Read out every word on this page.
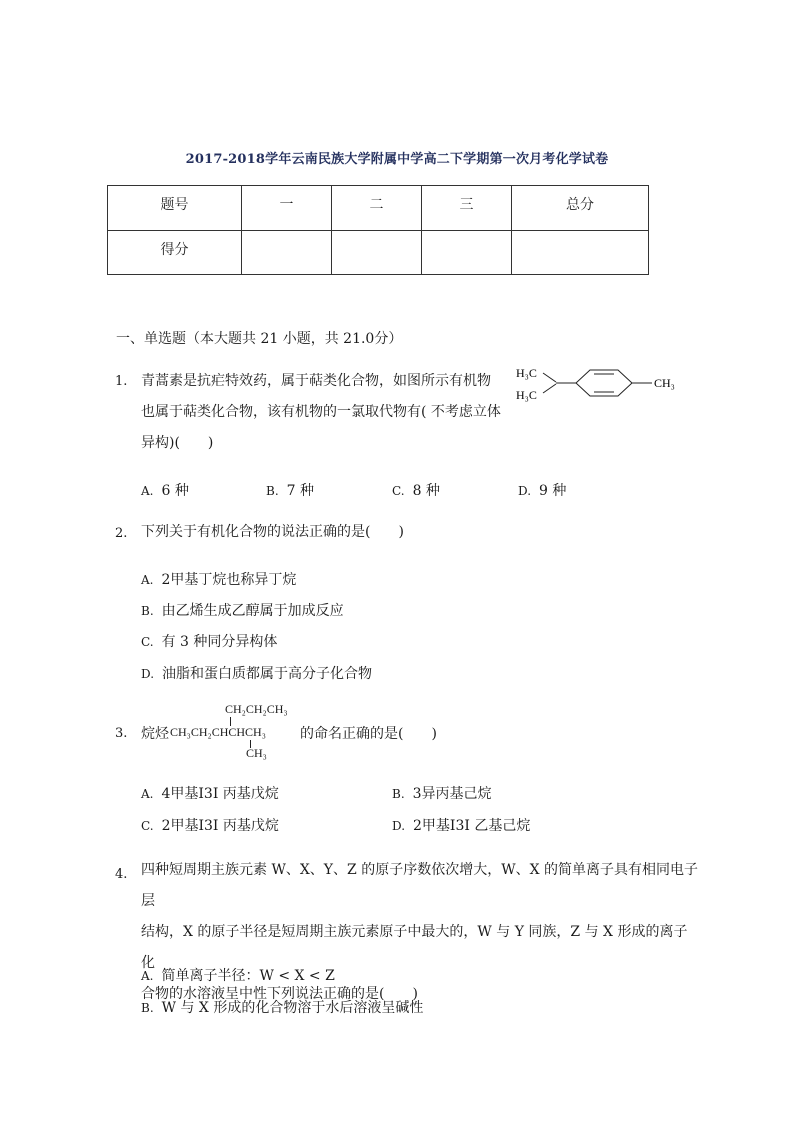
2017-2018学年云南民族大学附属中学高二下学期第一次月考化学试卷
题号	一	二	三	总分
得分				
一、单选题（本大题共 21 小题，共 21.0分）
1. 青蒿素是抗疟特效药，属于萜类化合物，如图所示有机物
也属于萜类化合物，该有机物的一氯取代物有( 不考虑立体
异构)(　　)
H₃C
H₃C
CH₃
A. 6 种	B. 7 种	C. 8 种	D. 9 种
2. 下列关于有机化合物的说法正确的是(　　)
A. 2甲基丁烷也称异丁烷
B. 由乙烯生成乙醇属于加成反应
C. 有 3 种同分异构体
D. 油脂和蛋白质都属于高分子化合物
3. 烷烃
CH₂CH₂CH₃
CH₃CH₂CHCHCH₃
CH₃
的命名正确的是(　　)
A. 4甲基I3I 丙基戊烷	B. 3异丙基己烷
C. 2甲基I3I 丙基戊烷	D. 2甲基I3I 乙基己烷
4. 四种短周期主族元素 W、X、Y、Z 的原子序数依次增大，W、X 的简单离子具有相同电子层
结构，X 的原子半径是短周期主族元素原子中最大的，W 与 Y 同族，Z 与 X 形成的离子化
合物的水溶液呈中性下列说法正确的是(　　)
A. 简单离子半径：W < X < Z
B. W 与 X 形成的化合物溶于水后溶液呈碱性
